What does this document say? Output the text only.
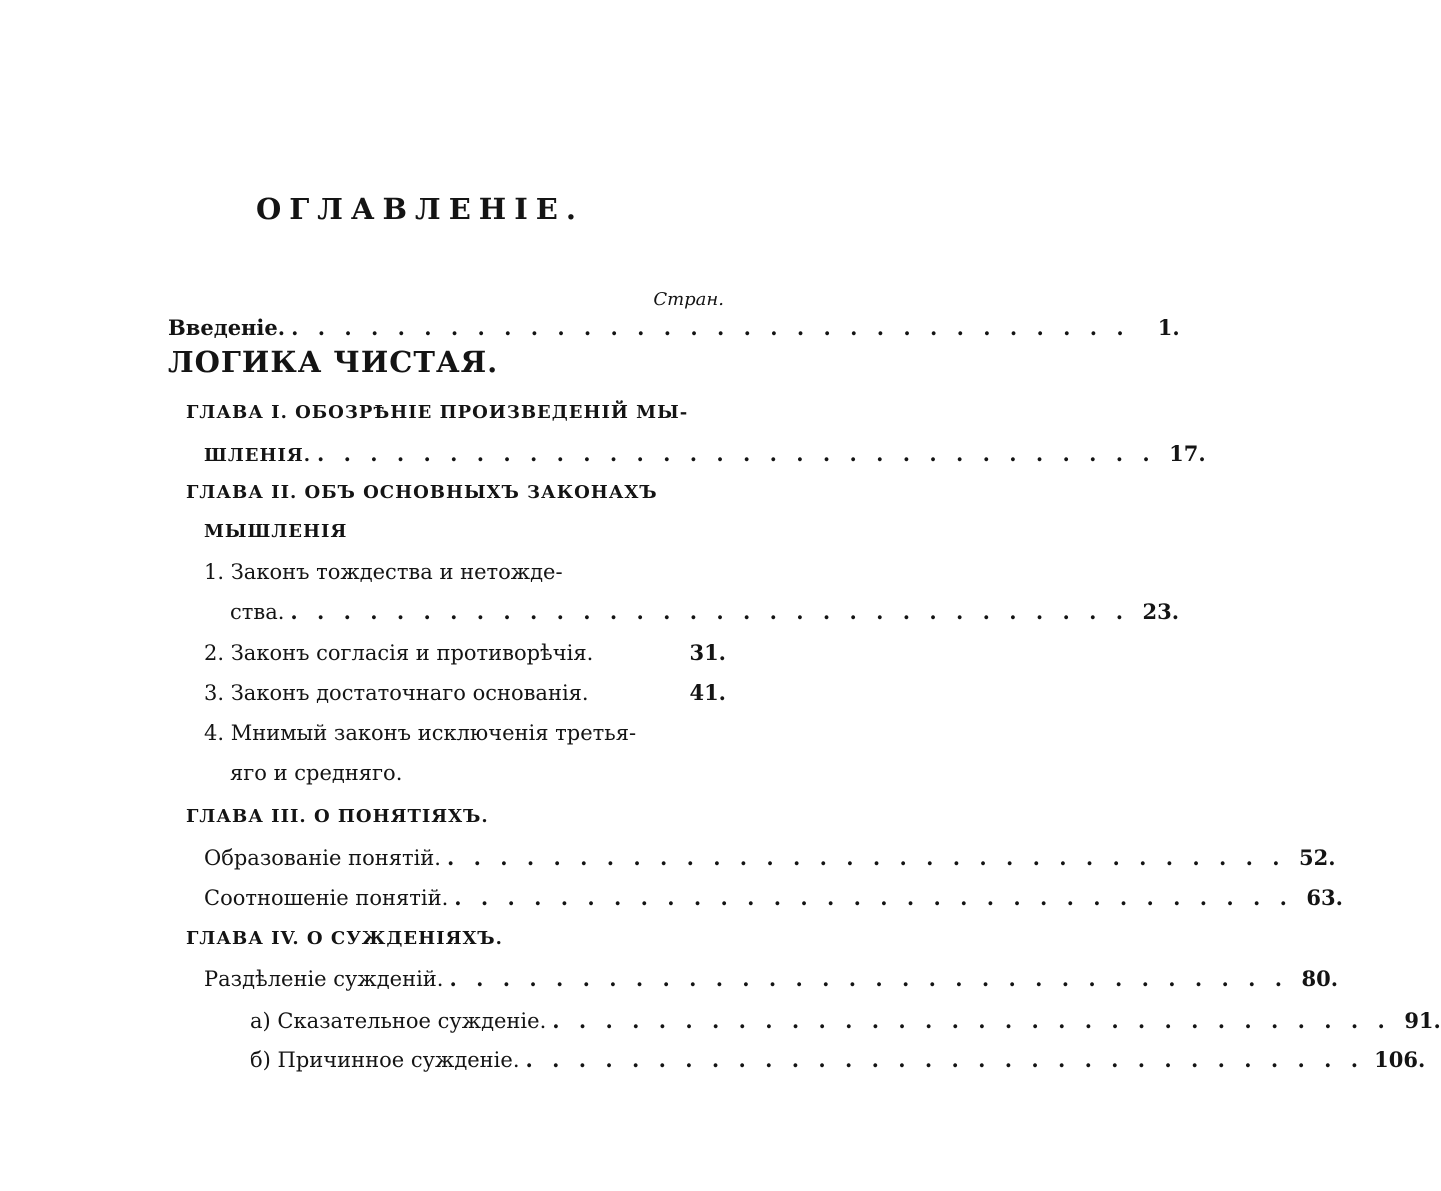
ОГЛАВЛЕНІЕ.
Стран.
Введеніе. . . . . . . . . . . . . . . . . . . . . . . . . . . . . . . . .	1.
ЛОГИКА ЧИСТАЯ.
ГЛАВА I. ОБОЗРѢНІЕ ПРОИЗВЕДЕНІЙ МЫ-
ШЛЕНІЯ. . . . . . . . . . . . . . . . . . . . . . . . . . . . . . . . . 17.
ГЛАВА II. ОБЪ ОСНОВНЫХЪ ЗАКОНАХЪ
МЫШЛЕНІЯ
1. Законъ тождества и нетожде-
ства. . . . . . . . . . . . . . . . . . . . . . . . . . . . . . . . . 23.
2. Законъ согласія и противорѣчія.	31.
3. Законъ достаточнаго основанія.	41.
4. Мнимый законъ исключенія третья-
яго и средняго.
ГЛАВА III. О ПОНЯТІЯХЪ.
Образованіе понятій. . . . . . . . . . . . . . . . . . . . . . . . . . . . . . . . . 52.
Соотношеніе понятій. . . . . . . . . . . . . . . . . . . . . . . . . . . . . . . . . 63.
ГЛАВА IV. О СУЖДЕНІЯХЪ.
Раздѣленіе сужденій. . . . . . . . . . . . . . . . . . . . . . . . . . . . . . . . . 80.
а) Сказательное сужденіе. . . . . . . . . . . . . . . . . . . . . . . . . . . . . . . . . 91.
б) Причинное сужденіе. . . . . . . . . . . . . . . . . . . . . . . . . . . . . . . . . 106.
